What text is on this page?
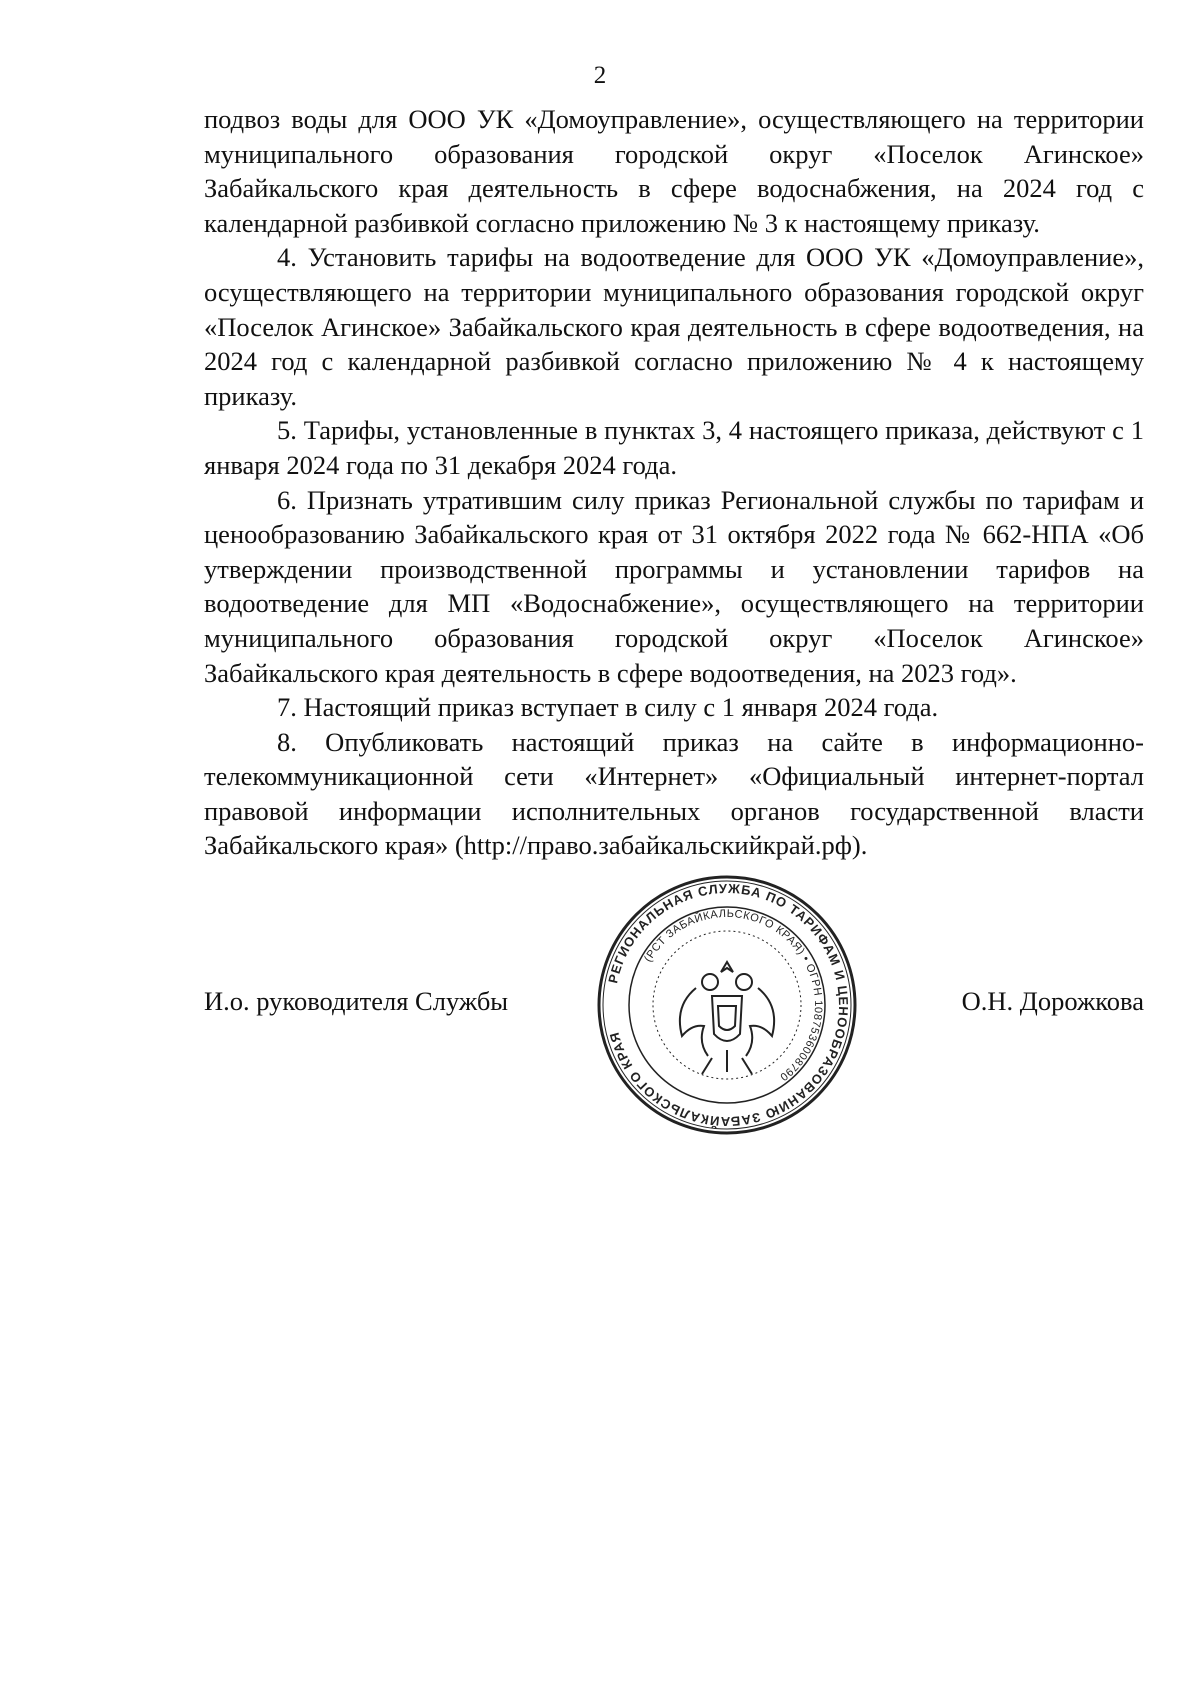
2

подвоз воды для ООО УК «Домоуправление», осуществляющего на территории муниципального образования городской округ «Поселок Агинское» Забайкальского края деятельность в сфере водоснабжения, на 2024 год с календарной разбивкой согласно приложению № 3 к настоящему приказу.

4. Установить тарифы на водоотведение для ООО УК «Домоуправление», осуществляющего на территории муниципального образования городской округ «Поселок Агинское» Забайкальского края деятельность в сфере водоотведения, на 2024 год с календарной разбивкой согласно приложению № 4 к настоящему приказу.

5. Тарифы, установленные в пунктах 3, 4 настоящего приказа, действуют с 1 января 2024 года по 31 декабря 2024 года.

6. Признать утратившим силу приказ Региональной службы по тарифам и ценообразованию Забайкальского края от 31 октября 2022 года № 662-НПА «Об утверждении производственной программы и установлении тарифов на водоотведение для МП «Водоснабжение», осуществляющего на территории муниципального образования городской округ «Поселок Агинское» Забайкальского края деятельность в сфере водоотведения, на 2023 год».

7. Настоящий приказ вступает в силу с 1 января 2024 года.

8. Опубликовать настоящий приказ на сайте в информационно-телекоммуникационной сети «Интернет» «Официальный интернет-портал правовой информации исполнительных органов государственной власти Забайкальского края» (http://право.забайкальскийкрай.рф).

И.о. руководителя Службы	О.Н. Дорожкова
РЕГИОНАЛЬНАЯ СЛУЖБА ПО ТАРИФАМ И ЦЕНООБРАЗОВАНИЮ ЗАБАЙКАЛЬСКОГО КРАЯ
(РСТ ЗАБАЙКАЛЬСКОГО КРАЯ) • ОГРН 1087536008790
